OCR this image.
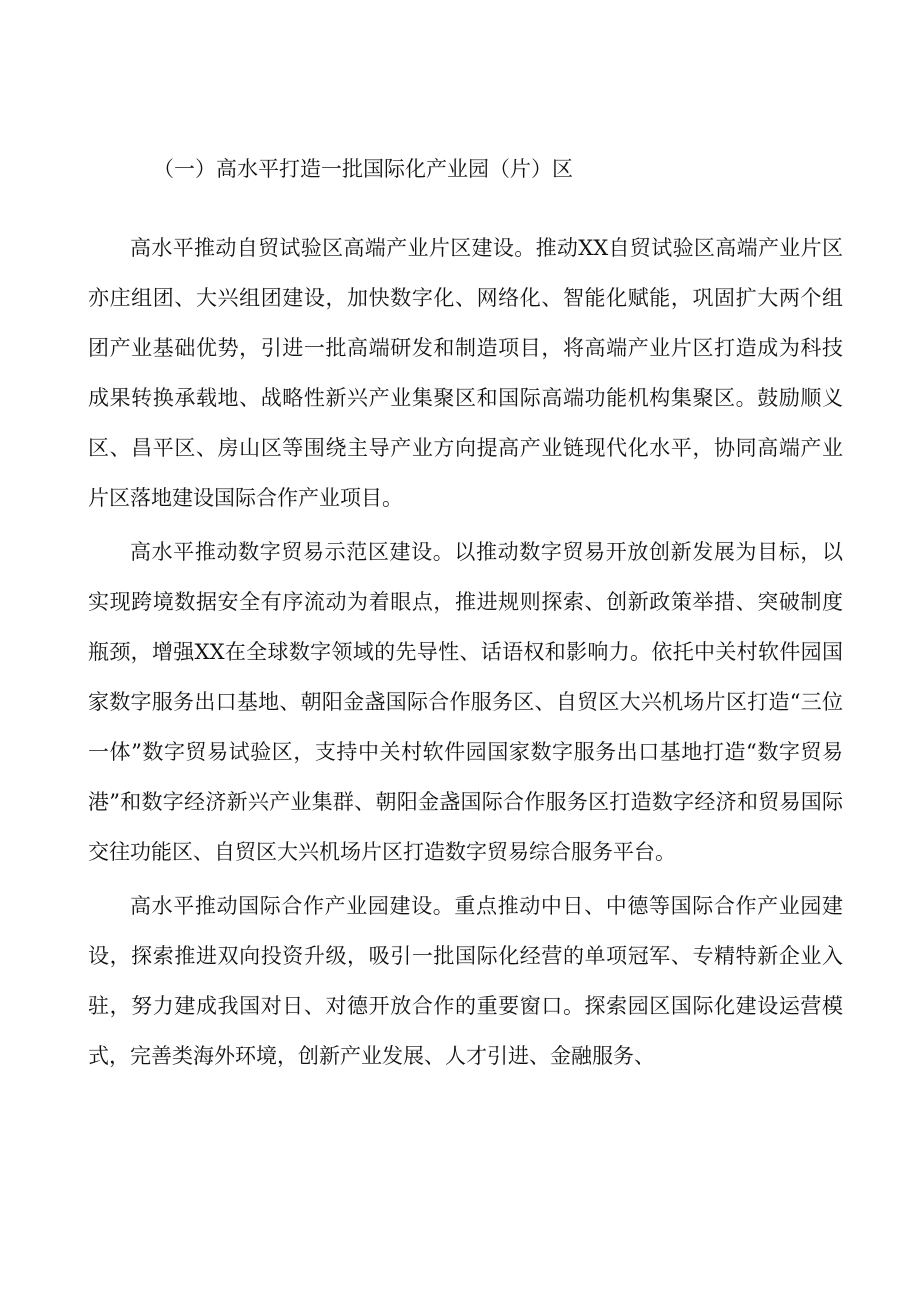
（一）高水平打造一批国际化产业园（片）区

高水平推动自贸试验区高端产业片区建设。推动XX自贸试验区高端产业片区亦庄组团、大兴组团建设，加快数字化、网络化、智能化赋能，巩固扩大两个组团产业基础优势，引进一批高端研发和制造项目，将高端产业片区打造成为科技成果转换承载地、战略性新兴产业集聚区和国际高端功能机构集聚区。鼓励顺义区、昌平区、房山区等围绕主导产业方向提高产业链现代化水平，协同高端产业片区落地建设国际合作产业项目。

高水平推动数字贸易示范区建设。以推动数字贸易开放创新发展为目标，以实现跨境数据安全有序流动为着眼点，推进规则探索、创新政策举措、突破制度瓶颈，增强XX在全球数字领域的先导性、话语权和影响力。依托中关村软件园国家数字服务出口基地、朝阳金盏国际合作服务区、自贸区大兴机场片区打造“三位一体”数字贸易试验区，支持中关村软件园国家数字服务出口基地打造“数字贸易港”和数字经济新兴产业集群、朝阳金盏国际合作服务区打造数字经济和贸易国际交往功能区、自贸区大兴机场片区打造数字贸易综合服务平台。

高水平推动国际合作产业园建设。重点推动中日、中德等国际合作产业园建设，探索推进双向投资升级，吸引一批国际化经营的单项冠军、专精特新企业入驻，努力建成我国对日、对德开放合作的重要窗口。探索园区国际化建设运营模式，完善类海外环境，创新产业发展、人才引进、金融服务、
